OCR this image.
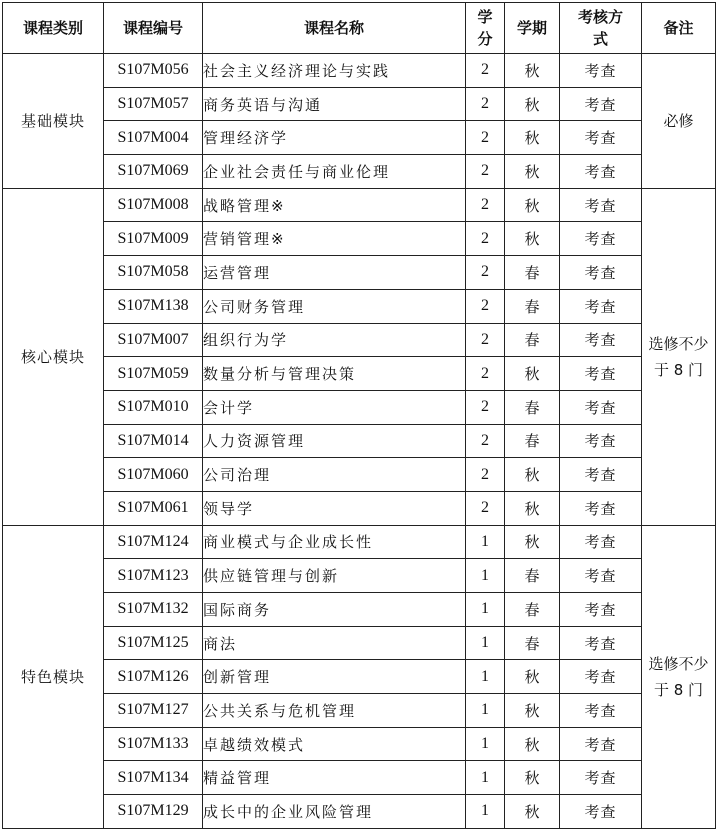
课程类别	课程编号	课程名称	学分	学期	考核方式	备注
基础模块	S107M056	社会主义经济理论与实践	2	秋	考查	必修
	S107M057	商务英语与沟通	2	秋	考查	
	S107M004	管理经济学	2	秋	考查	
	S107M069	企业社会责任与商业伦理	2	秋	考查	
核心模块	S107M008	战略管理※	2	秋	考查	选修不少于 8 门
	S107M009	营销管理※	2	秋	考查	
	S107M058	运营管理	2	春	考查	
	S107M138	公司财务管理	2	春	考查	
	S107M007	组织行为学	2	春	考查	
	S107M059	数量分析与管理决策	2	秋	考查	
	S107M010	会计学	2	春	考查	
	S107M014	人力资源管理	2	春	考查	
	S107M060	公司治理	2	秋	考查	
	S107M061	领导学	2	秋	考查	
特色模块	S107M124	商业模式与企业成长性	1	秋	考查	选修不少于 8 门
	S107M123	供应链管理与创新	1	春	考查	
	S107M132	国际商务	1	春	考查	
	S107M125	商法	1	春	考查	
	S107M126	创新管理	1	秋	考查	
	S107M127	公共关系与危机管理	1	秋	考查	
	S107M133	卓越绩效模式	1	秋	考查	
	S107M134	精益管理	1	秋	考查	
	S107M129	成长中的企业风险管理	1	秋	考查	
